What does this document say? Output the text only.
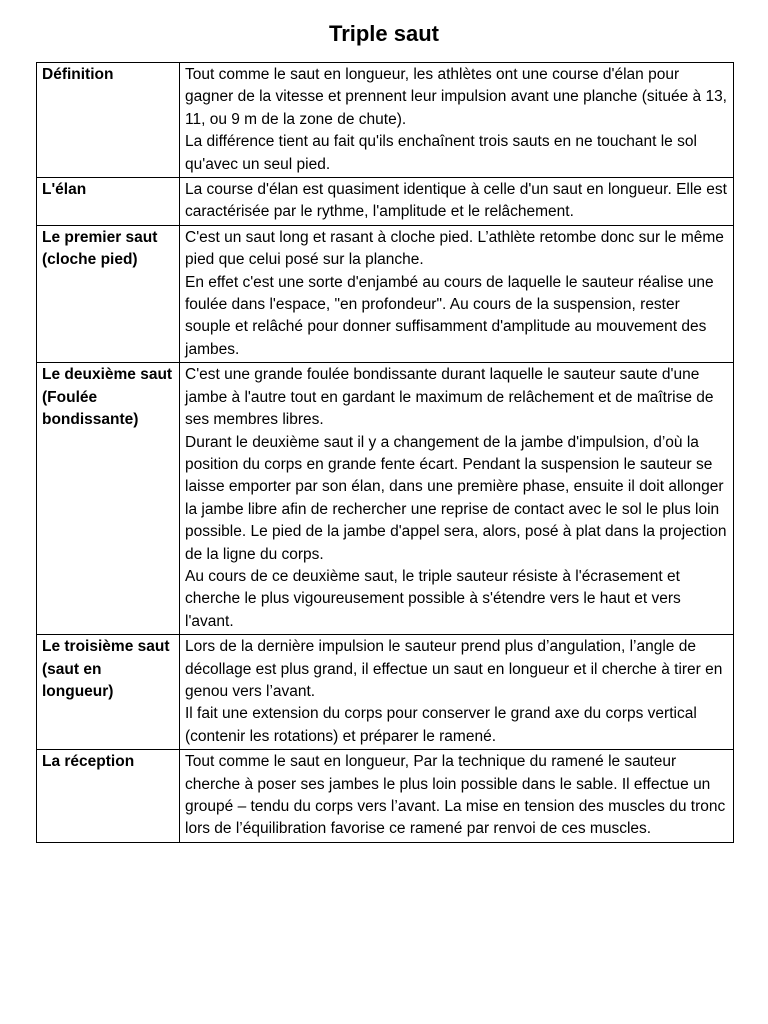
Triple saut
Définition	Tout comme le saut en longueur, les athlètes ont une course d'élan pour gagner de la vitesse et prennent leur impulsion avant une planche (située à 13, 11, ou 9 m de la zone de chute).
La différence tient au fait qu'ils enchaînent trois sauts en ne touchant le sol qu'avec un seul pied.

L'élan	La course d'élan est quasiment identique à celle d'un saut en longueur. Elle est caractérisée par le rythme, l'amplitude et le relâchement.

Le premier saut (cloche pied)	C'est un saut long et rasant à cloche pied. L’athlète retombe donc sur le même pied que celui posé sur la planche.
En effet c'est une sorte d'enjambé au cours de laquelle le sauteur réalise une foulée dans l'espace, "en profondeur". Au cours de la suspension, rester souple et relâché pour donner suffisamment d'amplitude au mouvement des jambes.

Le deuxième saut (Foulée bondissante)	C'est une grande foulée bondissante durant laquelle le sauteur saute d'une jambe à l'autre tout en gardant le maximum de relâchement et de maîtrise de ses membres libres.
Durant le deuxième saut il y a changement de la jambe d'impulsion, d’où la position du corps en grande fente écart. Pendant la suspension le sauteur se laisse emporter par son élan, dans une première phase, ensuite il doit allonger la jambe libre afin de rechercher une reprise de contact avec le sol le plus loin possible. Le pied de la jambe d'appel sera, alors, posé à plat dans la projection de la ligne du corps.
Au cours de ce deuxième saut, le triple sauteur résiste à l'écrasement et cherche le plus vigoureusement possible à s'étendre vers le haut et vers l'avant.

Le troisième saut (saut en longueur)	Lors de la dernière impulsion le sauteur prend plus d’angulation, l’angle de décollage est plus grand, il effectue un saut en longueur et il cherche à tirer en genou vers l’avant.
Il fait une extension du corps pour conserver le grand axe du corps vertical (contenir les rotations) et préparer le ramené.

La réception	Tout comme le saut en longueur, Par la technique du ramené le sauteur cherche à poser ses jambes le plus loin possible dans le sable. Il effectue un groupé – tendu du corps vers l’avant. La mise en tension des muscles du tronc lors de l’équilibration favorise ce ramené par renvoi de ces muscles.
